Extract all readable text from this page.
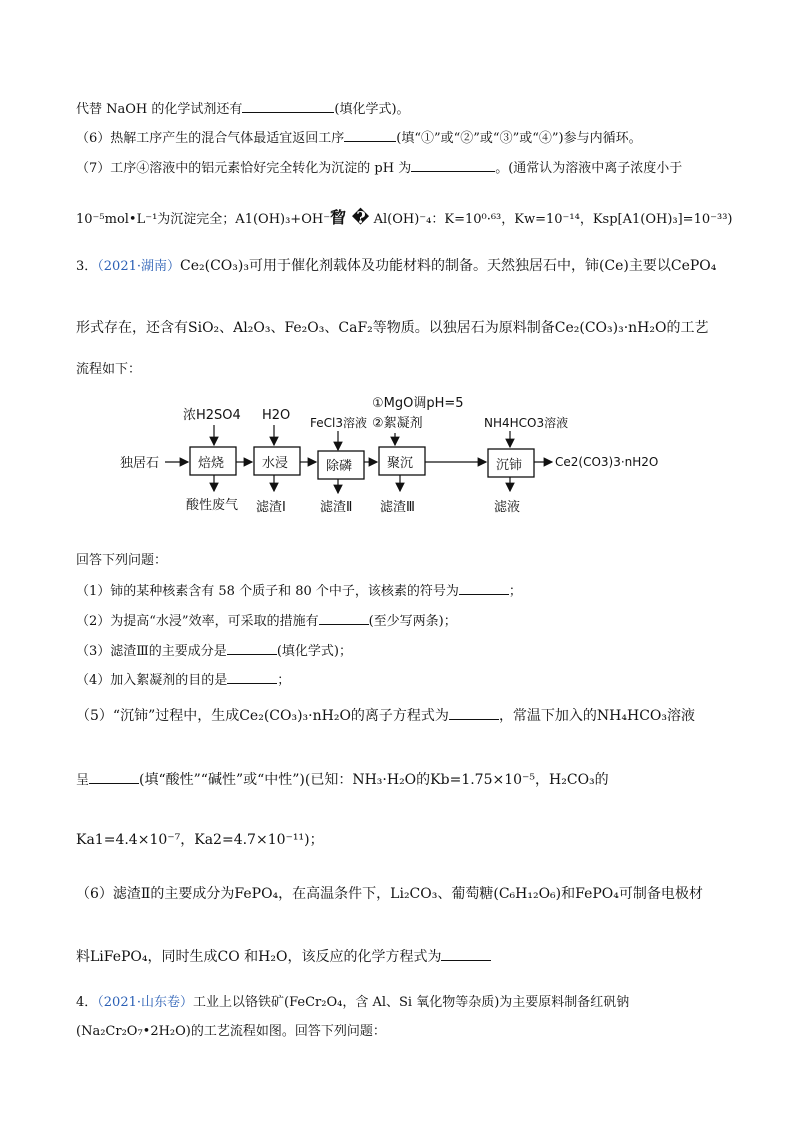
代替 NaOH 的化学试剂还有	(填化学式)。
（6）热解工序产生的混合气体最适宜返回工序	(填“①”或“②”或“③”或“④”)参与内循环。
（7）工序④溶液中的铝元素恰好完全转化为沉淀的 pH 为	。(通常认为溶液中离子浓度小于
10⁻⁵mol•L⁻¹为沉淀完全；A1(OH)₃+OH⁻睝 � Al(OH)⁻₄：K=10⁰·⁶³，Kw=10⁻¹⁴，Ksp[A1(OH)₃]=10⁻³³)
3．（2021·湖南）Ce₂(CO₃)₃可用于催化剂载体及功能材料的制备。天然独居石中，铈(Ce)主要以CePO₄
形式存在，还含有SiO₂、Al₂O₃、Fe₂O₃、CaF₂等物质。以独居石为原料制备Ce₂(CO₃)₃·nH₂O的工艺
流程如下：
浓H2SO4 H2O FeCl3溶液
①MgO调pH=5
②絮凝剂	NH4HCO3溶液
独居石	焙烧	水浸	除磷	聚沉	沉铈	Ce2(CO3)3·nH2O
酸性废气 滤渣Ⅰ	滤渣Ⅱ 滤渣Ⅲ	滤液
回答下列问题：
（1）铈的某种核素含有 58 个质子和 80 个中子，该核素的符号为	；
（2）为提高“水浸”效率，可采取的措施有	(至少写两条)；
（3）滤渣Ⅲ的主要成分是	(填化学式)；
（4）加入絮凝剂的目的是	；
（5）“沉铈”过程中，生成Ce₂(CO₃)₃·nH₂O的离子方程式为	，常温下加入的NH₄HCO₃溶液
呈	(填“酸性”“碱性”或“中性”)(已知：NH₃·H₂O的Kb=1.75×10⁻⁵，H₂CO₃的
Ka1=4.4×10⁻⁷，Ka2=4.7×10⁻¹¹)；
（6）滤渣Ⅱ的主要成分为FePO₄，在高温条件下，Li₂CO₃、葡萄糖(C₆H₁₂O₆)和FePO₄可制备电极材
料LiFePO₄，同时生成CO 和H₂O，该反应的化学方程式为
4．（2021·山东卷）工业上以铬铁矿(FeCr₂O₄，含 Al、Si 氧化物等杂质)为主要原料制备红矾钠
(Na₂Cr₂O₇•2H₂O)的工艺流程如图。回答下列问题：
